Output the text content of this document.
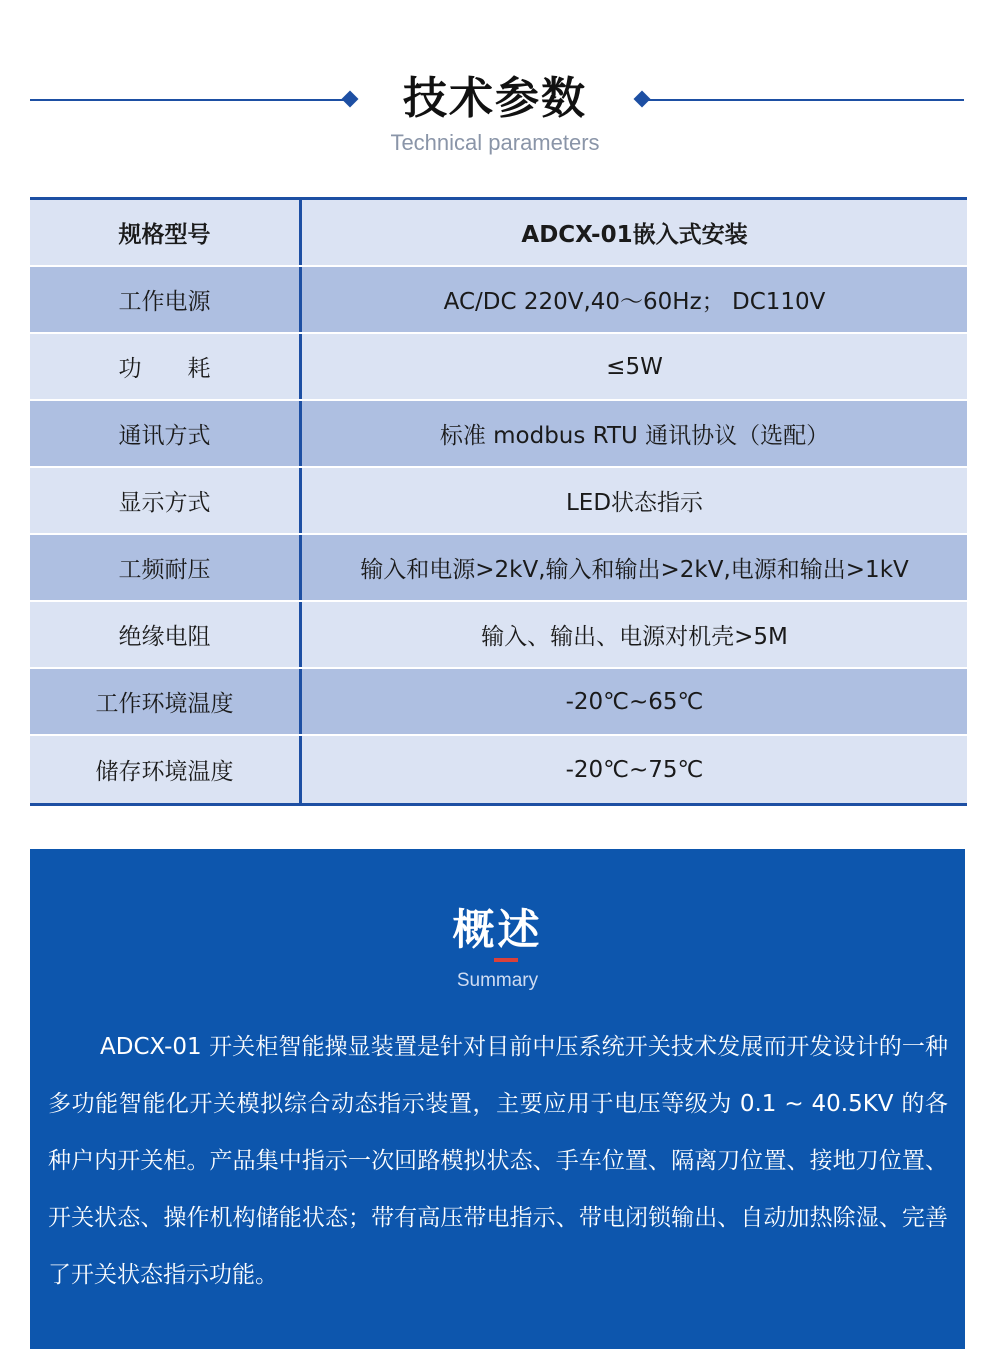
技术参数
Technical parameters
规格型号	ADCX-01嵌入式安装
工作电源	AC/DC 220V,40～60Hz； DC110V
功　　耗	≤5W
通讯方式	标准 modbus RTU 通讯协议（选配）
显示方式	LED状态指示
工频耐压	输入和电源>2kV,输入和输出>2kV,电源和输出>1kV
绝缘电阻	输入、输出、电源对机壳>5M
工作环境温度	-20℃~65℃
储存环境温度	-20℃~75℃
概述
Summary

ADCX-01 开关柜智能操显装置是针对目前中压系统开关技术发展而开发设计的一种多功能智能化开关模拟综合动态指示装置，主要应用于电压等级为 0.1 ~ 40.5KV 的各种户内开关柜。产品集中指示一次回路模拟状态、手车位置、隔离刀位置、接地刀位置、开关状态、操作机构储能状态；带有高压带电指示、带电闭锁输出、自动加热除湿、完善了开关状态指示功能。
